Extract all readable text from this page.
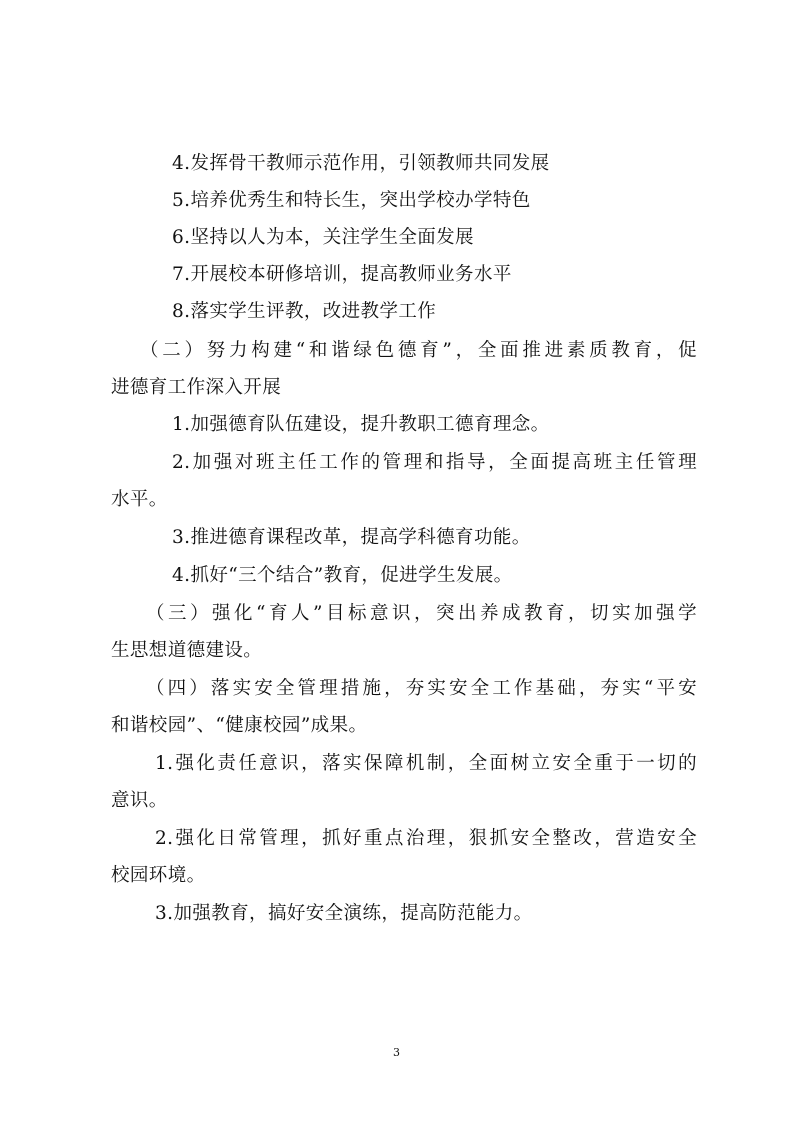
4.发挥骨干教师示范作用，引领教师共同发展
5.培养优秀生和特长生，突出学校办学特色
6.坚持以人为本，关注学生全面发展
7.开展校本研修培训，提高教师业务水平
8.落实学生评教，改进教学工作
（二）努力构建“和谐绿色德育”，全面推进素质教育，促
进德育工作深入开展
1.加强德育队伍建设，提升教职工德育理念。
2.加强对班主任工作的管理和指导，全面提高班主任管理
水平。
3.推进德育课程改革，提高学科德育功能。
4.抓好“三个结合”教育，促进学生发展。
（三）强化“育人”目标意识，突出养成教育，切实加强学
生思想道德建设。
（四）落实安全管理措施，夯实安全工作基础，夯实“平安
和谐校园”、“健康校园”成果。
1.强化责任意识，落实保障机制，全面树立安全重于一切的
意识。
2.强化日常管理，抓好重点治理，狠抓安全整改，营造安全
校园环境。
3.加强教育，搞好安全演练，提高防范能力。
3
